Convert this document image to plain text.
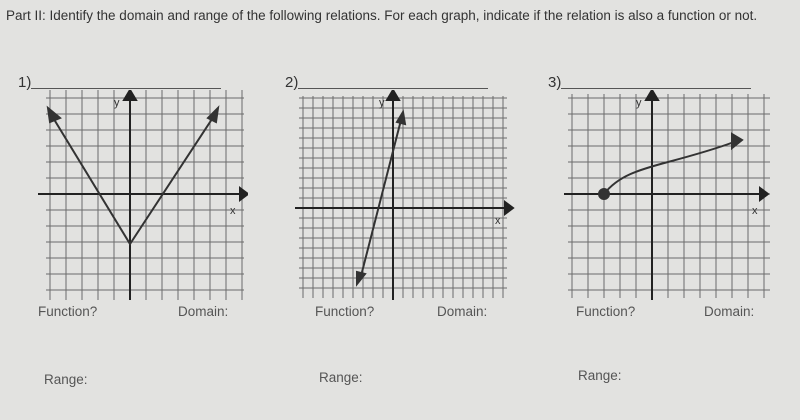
Part II: Identify the domain and range of the following relations. For each graph, indicate if the relation is also a function or not.
1)
y
x
Function?	Domain:
Range:
2)
y
x
Function?	Domain:
Range:
3)
y
x
Function?	Domain:
Range:
